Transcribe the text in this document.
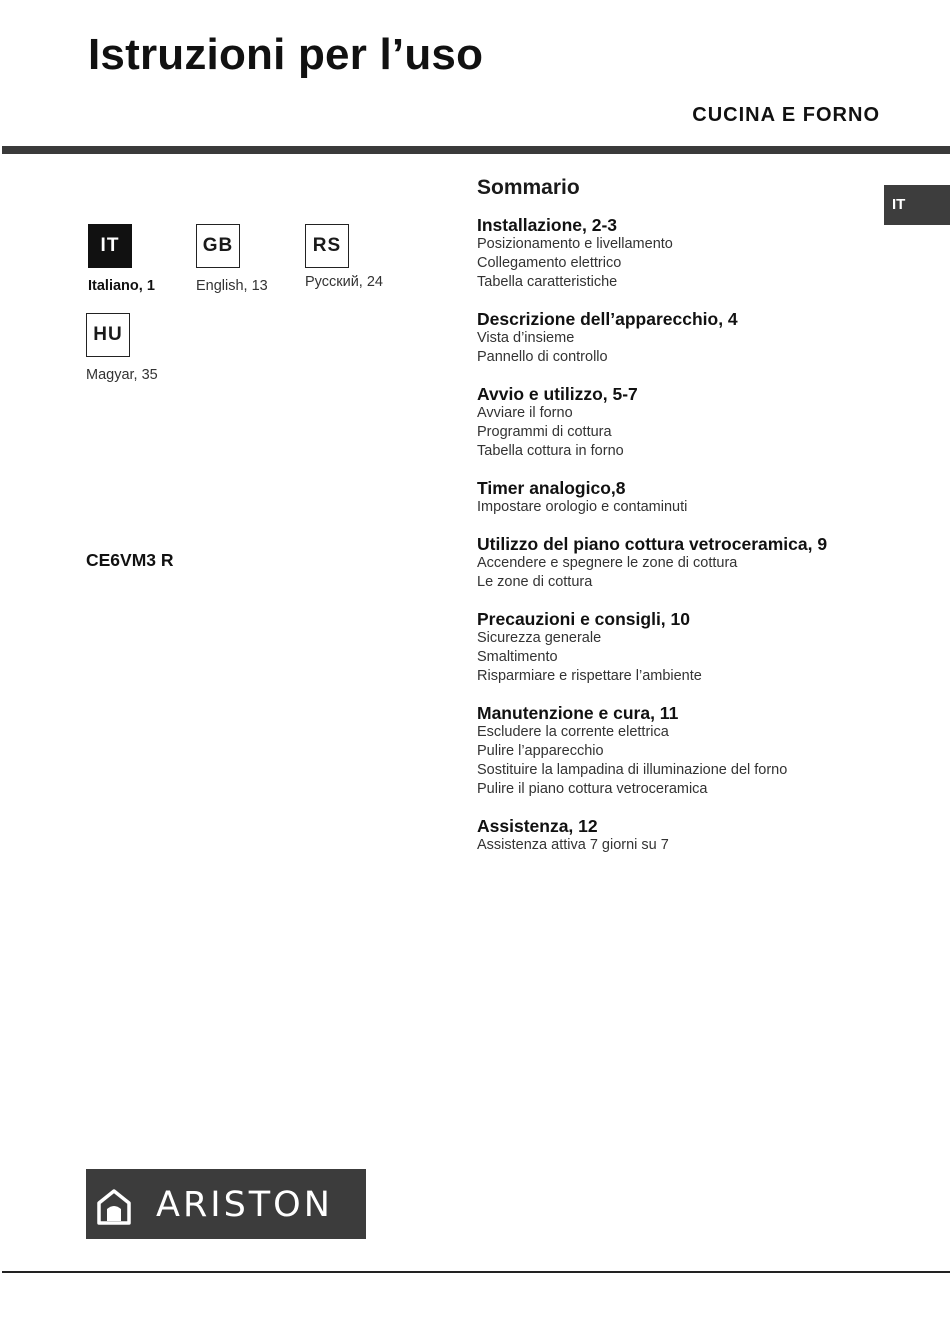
Istruzioni per l’uso
CUCINA E FORNO
IT
IT
Italiano, 1
GB
English, 13
RS
Русский, 24
HU
Magyar, 35
CE6VM3 R
Sommario
Installazione, 2-3
Posizionamento e livellamento
Collegamento elettrico
Tabella caratteristiche
Descrizione dell’apparecchio, 4
Vista d’insieme
Pannello di controllo
Avvio e utilizzo, 5-7
Avviare il forno
Programmi di cottura
Tabella cottura in forno
Timer analogico,8
Impostare orologio e contaminuti
Utilizzo del piano cottura vetroceramica, 9
Accendere e spegnere le zone di cottura
Le zone di cottura
Precauzioni e consigli, 10
Sicurezza generale
Smaltimento
Risparmiare e rispettare l’ambiente
Manutenzione e cura, 11
Escludere la corrente elettrica
Pulire l’apparecchio
Sostituire la lampadina di illuminazione del forno
Pulire il piano cottura vetroceramica
Assistenza, 12
Assistenza attiva 7 giorni su 7
ARISTON
